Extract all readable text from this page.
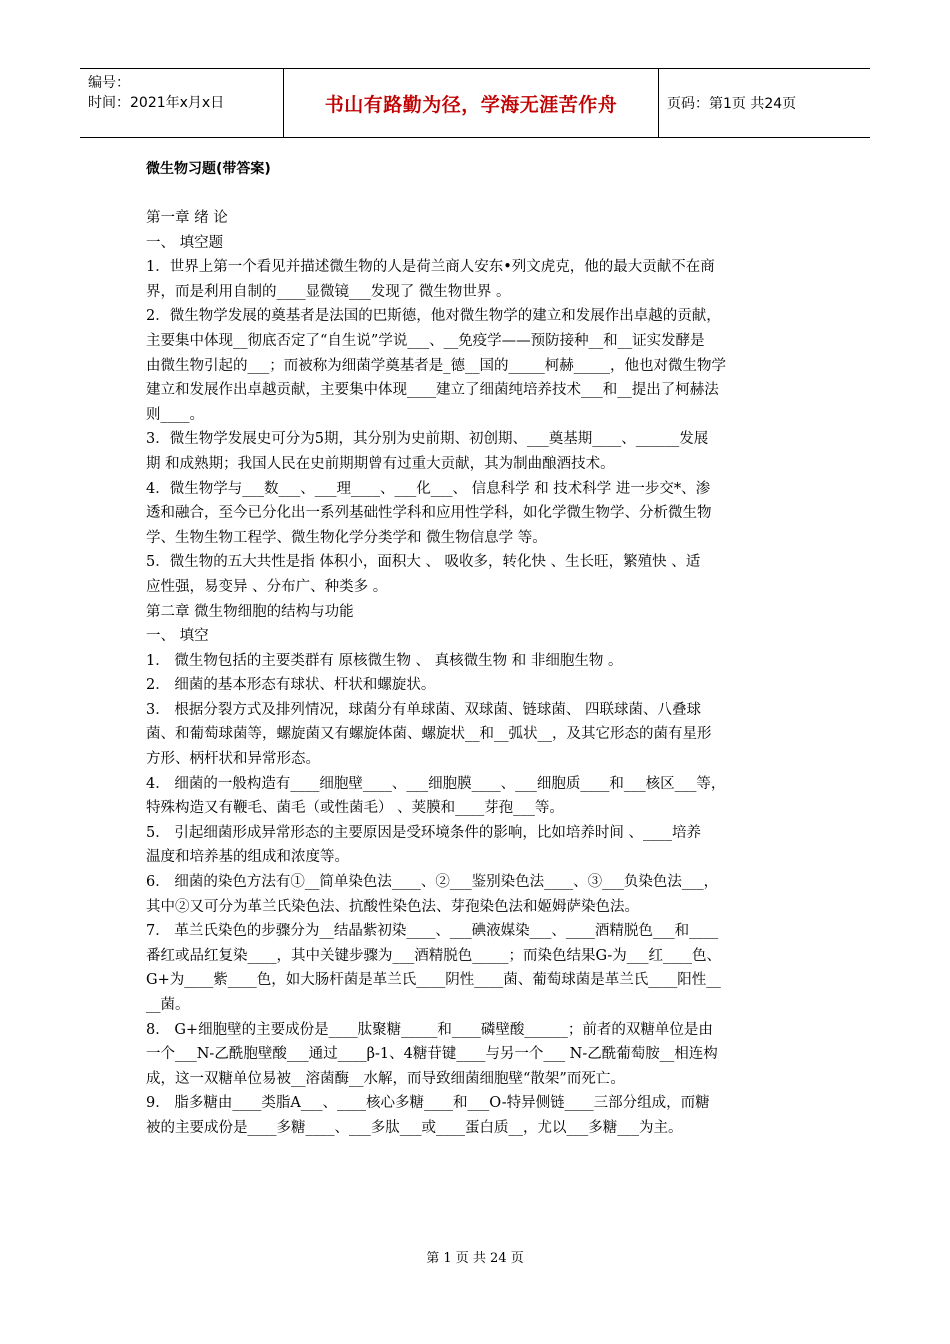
编号：
时间：2021年x月x日	书山有路勤为径，学海无涯苦作舟	页码：第1页 共24页

微生物习题(带答案)

第一章 绪 论

一、 填空题

1．世界上第一个看见并描述微生物的人是荷兰商人安东•列文虎克，他的最大贡献不在商

界，而是利用自制的____显微镜___发现了 微生物世界 。

2．微生物学发展的奠基者是法国的巴斯德，他对微生物学的建立和发展作出卓越的贡献，

主要集中体现__彻底否定了“自生说”学说___、__免疫学——预防接种__和__证实发酵是

由微生物引起的___；而被称为细菌学奠基者是_德__国的_____柯赫_____，他也对微生物学

建立和发展作出卓越贡献，主要集中体现____建立了细菌纯培养技术___和__提出了柯赫法

则____。

3．微生物学发展史可分为5期，其分别为史前期、初创期、___奠基期____、______发展

期 和成熟期；我国人民在史前期期曾有过重大贡献，其为制曲酿酒技术。

4．微生物学与___数___、___理____、___化___、 信息科学 和 技术科学 进一步交*、渗

透和融合，至今已分化出一系列基础性学科和应用性学科，如化学微生物学、分析微生物

学、生物生物工程学、微生物化学分类学和 微生物信息学 等。

5．微生物的五大共性是指 体积小，面积大 、 吸收多，转化快 、生长旺，繁殖快 、适

应性强，易变异 、分布广、种类多 。

第二章 微生物细胞的结构与功能

一、 填空

1． 微生物包括的主要类群有 原核微生物 、 真核微生物 和 非细胞生物 。

2． 细菌的基本形态有球状、杆状和螺旋状。

3． 根据分裂方式及排列情况，球菌分有单球菌、双球菌、链球菌、 四联球菌、八叠球

菌、和葡萄球菌等，螺旋菌又有螺旋体菌、螺旋状__和__弧状__，及其它形态的菌有星形

方形、柄杆状和异常形态。

4． 细菌的一般构造有____细胞壁____、___细胞膜____、___细胞质____和___核区___等，

特殊构造又有鞭毛、菌毛（或性菌毛） 、荚膜和____芽孢___等。

5． 引起细菌形成异常形态的主要原因是受环境条件的影响，比如培养时间 、____培养

温度和培养基的组成和浓度等。

6． 细菌的染色方法有①__简单染色法____、②___鉴别染色法____、③___负染色法___，

其中②又可分为革兰氏染色法、抗酸性染色法、芽孢染色法和姬姆萨染色法。

7． 革兰氏染色的步骤分为__结晶紫初染____、___碘液媒染___、____酒精脱色___和____

番红或品红复染____，其中关键步骤为___酒精脱色_____；而染色结果G-为___红____色、

G+为____紫____色，如大肠杆菌是革兰氏____阴性____菌、葡萄球菌是革兰氏____阳性__

__菌。

8． G+细胞壁的主要成份是____肽聚糖_____和____磷壁酸______；前者的双糖单位是由

一个___N-乙酰胞壁酸___通过____β-1、4糖苷键____与另一个___ N-乙酰葡萄胺__相连构

成，这一双糖单位易被__溶菌酶__水解，而导致细菌细胞壁“散架”而死亡。

9． 脂多糖由____类脂A___、____核心多糖____和___O-特异侧链____三部分组成，而糖

被的主要成份是____多糖____、___多肽___或____蛋白质__，尤以___多糖___为主。

第 1 页 共 24 页
